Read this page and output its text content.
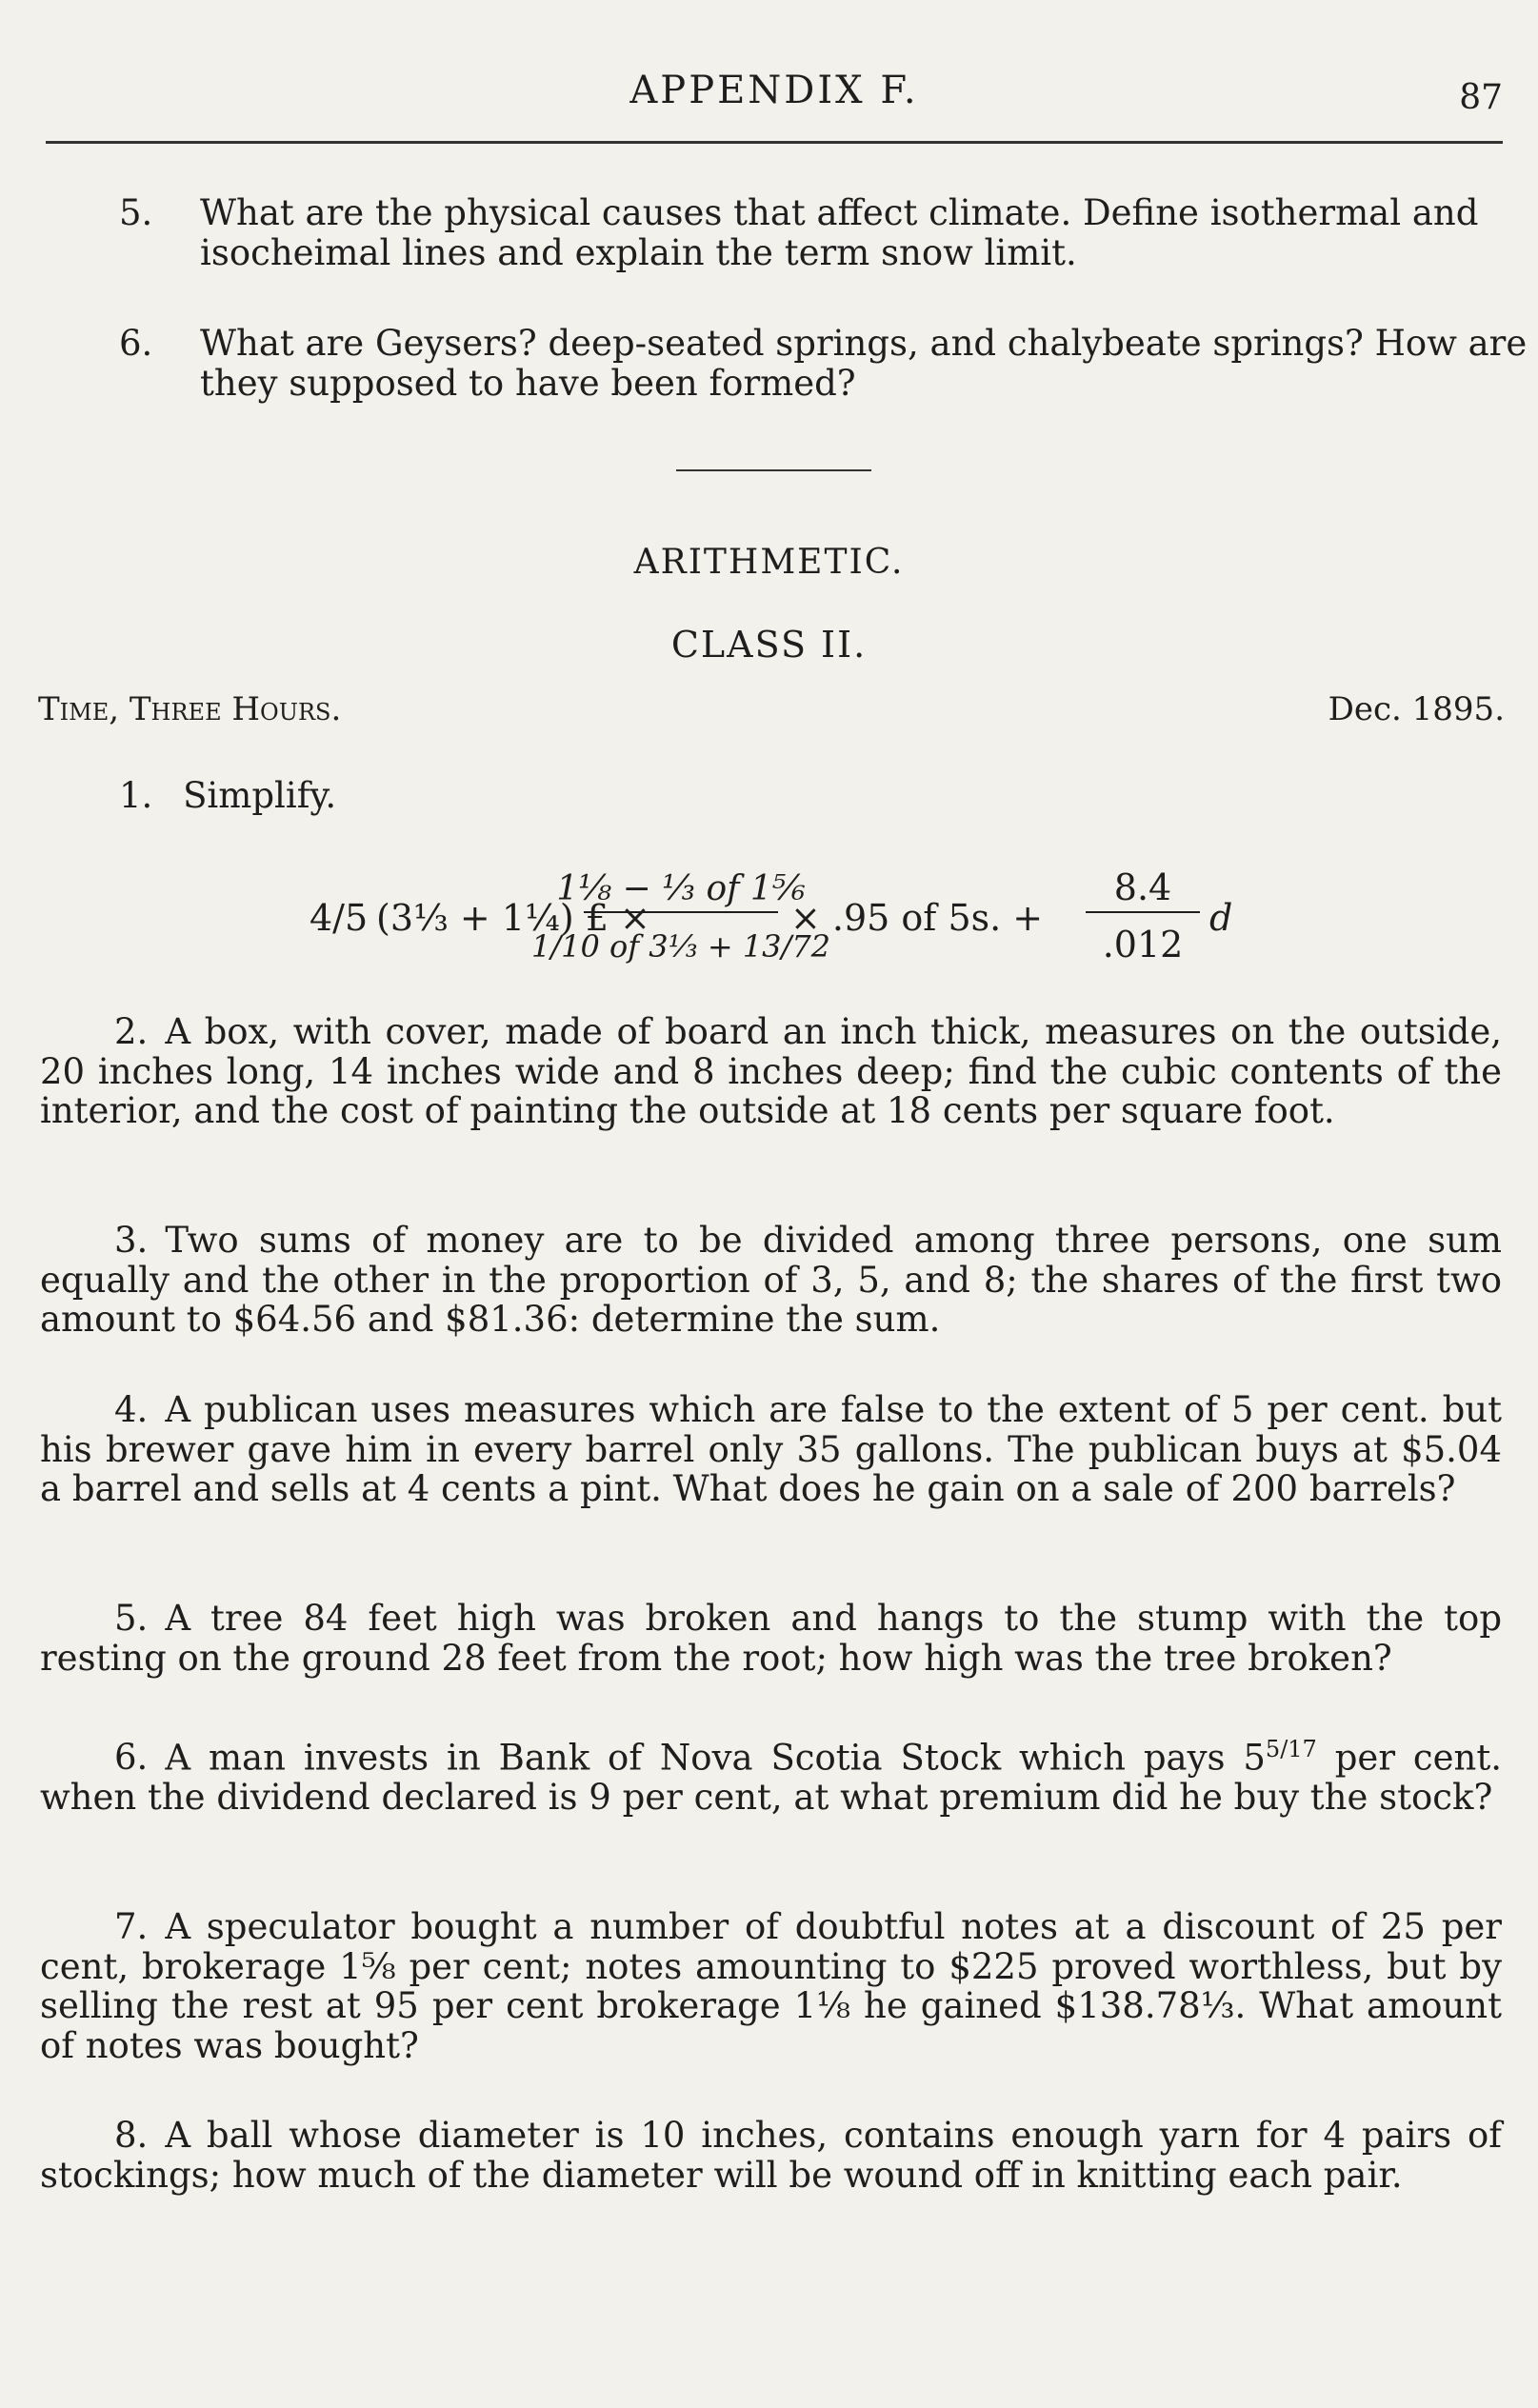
APPENDIX F.	87
5. What are the physical causes that affect climate. Define isothermal and isocheimal lines and explain the term snow limit.
6. What are Geysers? deep-seated springs, and chalybeate springs? How are they supposed to have been formed?
ARITHMETIC.
CLASS II.
Time, Three Hours.	Dec. 1895.
1. Simplify.
4/5 (3⅓ + 1¼) £ ×
1⅛ − ⅓ of 1⅚
1/10 of 3⅓ + 13/72
× .95 of 5s. +
8.4
.012
d
2. A box, with cover, made of board an inch thick, measures on the outside, 20 inches long, 14 inches wide and 8 inches deep; find the cubic contents of the interior, and the cost of painting the outside at 18 cents per square foot.
3. Two sums of money are to be divided among three persons, one sum equally and the other in the proportion of 3, 5, and 8; the shares of the first two amount to $64.56 and $81.36: determine the sum.
4. A publican uses measures which are false to the extent of 5 per cent. but his brewer gave him in every barrel only 35 gallons. The publican buys at $5.04 a barrel and sells at 4 cents a pint. What does he gain on a sale of 200 barrels?
5. A tree 84 feet high was broken and hangs to the stump with the top resting on the ground 28 feet from the root; how high was the tree broken?
6. A man invests in Bank of Nova Scotia Stock which pays $5^{5/17}$ per cent. when the dividend declared is 9 per cent, at what premium did he buy the stock?
7. A speculator bought a number of doubtful notes at a discount of 25 per cent, brokerage 1⅝ per cent; notes amounting to $225 proved worthless, but by selling the rest at 95 per cent brokerage 1⅛ he gained $138.78⅓. What amount of notes was bought?
8. A ball whose diameter is 10 inches, contains enough yarn for 4 pairs of stockings; how much of the diameter will be wound off in knitting each pair.
